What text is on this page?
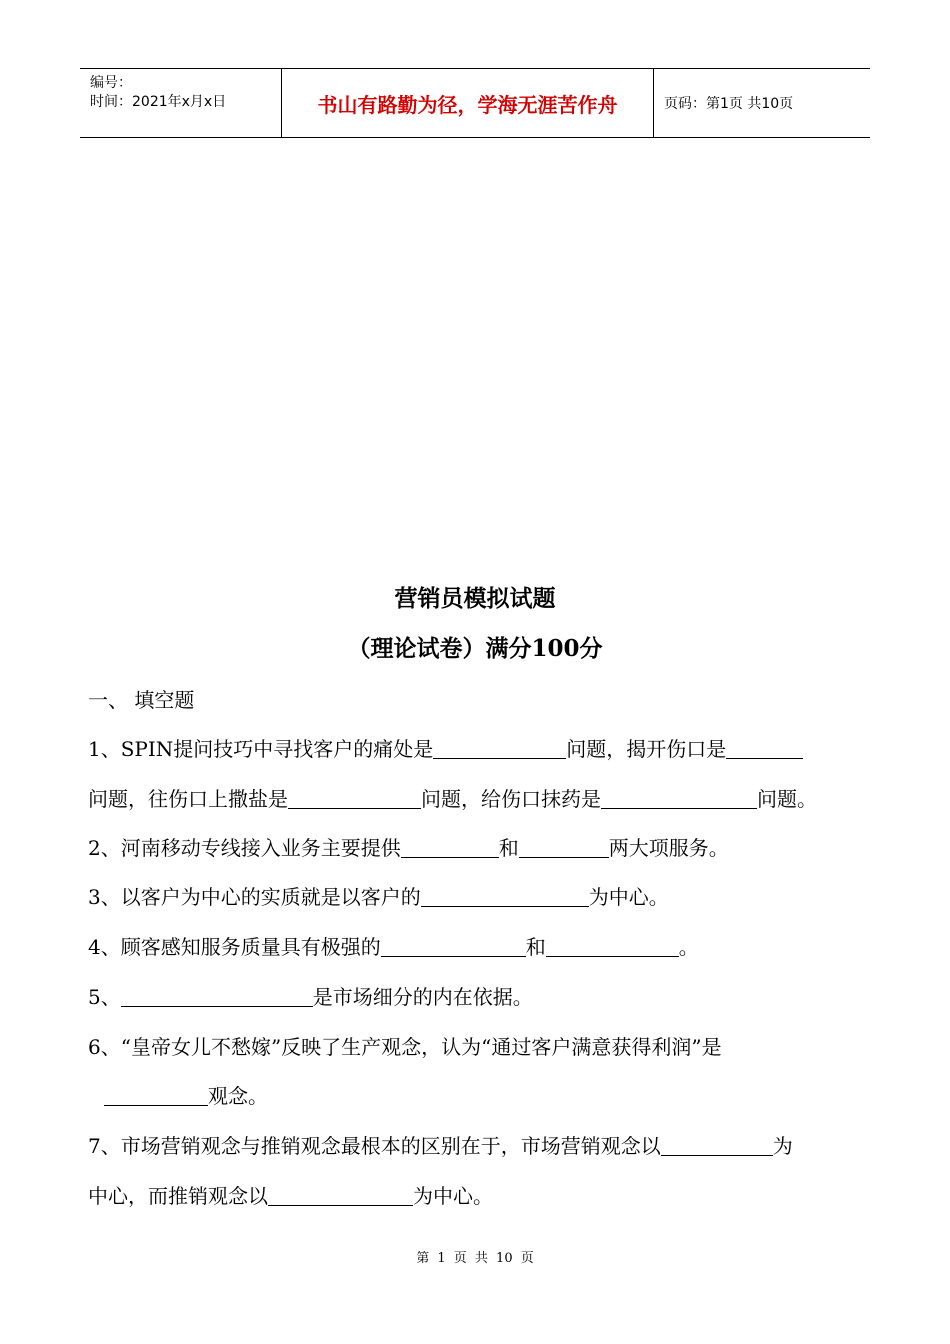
编号：
时间：2021年x月x日	书山有路勤为径，学海无涯苦作舟	页码：第1页 共10页
营销员模拟试题
（理论试卷）满分100分
一、 填空题
1、SPIN提问技巧中寻找客户的痛处是	问题，揭开伤口是
问题，往伤口上撒盐是	问题，给伤口抹药是	问题。
2、河南移动专线接入业务主要提供	和	两大项服务。
3、以客户为中心的实质就是以客户的	为中心。
4、顾客感知服务质量具有极强的	和	。
5、	是市场细分的内在依据。
6、“皇帝女儿不愁嫁”反映了生产观念，认为“通过客户满意获得利润”是
观念。
7、市场营销观念与推销观念最根本的区别在于，市场营销观念以	为
中心，而推销观念以	为中心。
第 1 页 共 10 页
